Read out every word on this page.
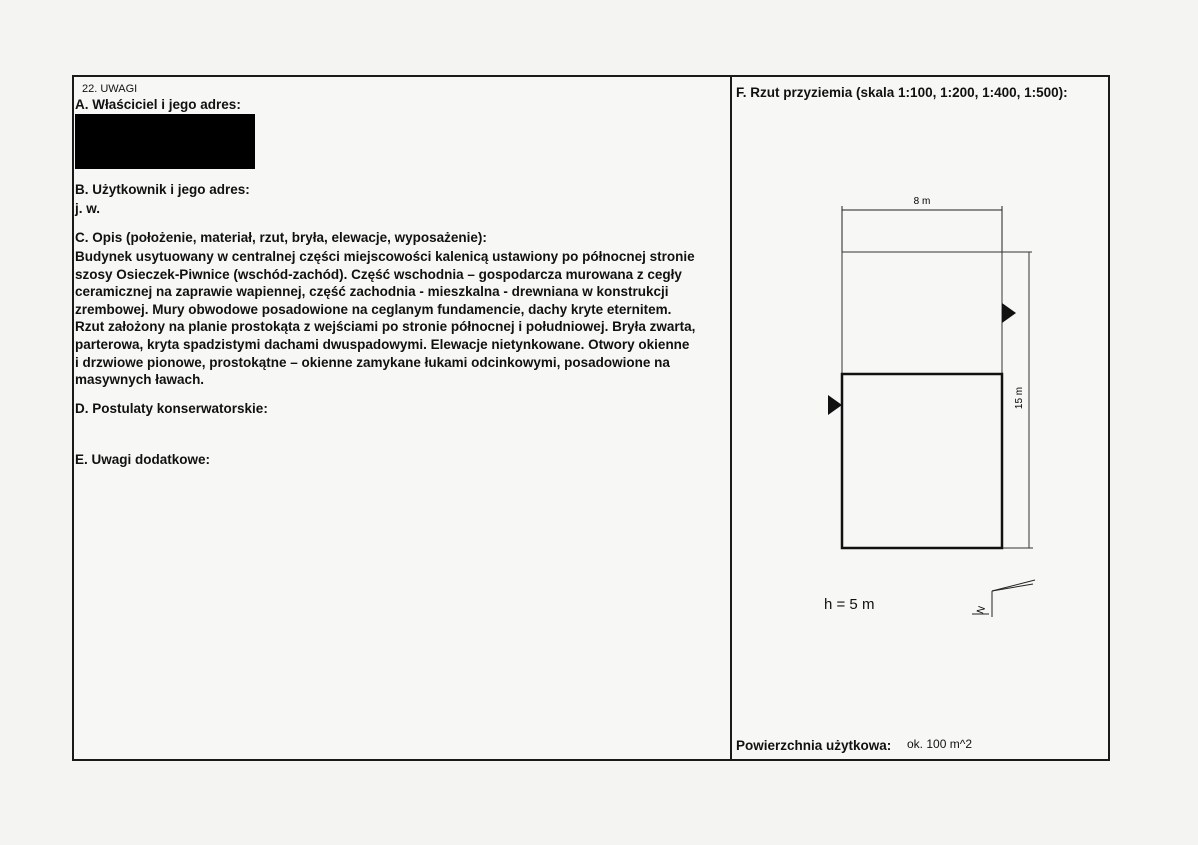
22. UWAGI
A. Właściciel i jego adres:
B. Użytkownik i jego adres:
j. w.
C. Opis (położenie, materiał, rzut, bryła, elewacje, wyposażenie):
Budynek usytuowany w centralnej części miejscowości kalenicą ustawiony po północnej stronie
szosy Osieczek-Piwnice (wschód-zachód). Część wschodnia – gospodarcza murowana z cegły
ceramicznej na zaprawie wapiennej, część zachodnia - mieszkalna - drewniana w konstrukcji
zrembowej. Mury obwodowe posadowione na ceglanym fundamencie, dachy kryte eternitem.
Rzut założony na planie prostokąta z wejściami po stronie północnej i południowej. Bryła zwarta,
parterowa, kryta spadzistymi dachami dwuspadowymi. Elewacje nietynkowane. Otwory okienne
i drzwiowe pionowe, prostokątne – okienne zamykane łukami odcinkowymi, posadowione na
masywnych ławach.
D. Postulaty konserwatorskie:
E. Uwagi dodatkowe:
F. Rzut przyziemia (skala 1:100, 1:200, 1:400, 1:500):
8 m
15 m
N
h = 5 m
Powierzchnia użytkowa: ok. 100 m^2
